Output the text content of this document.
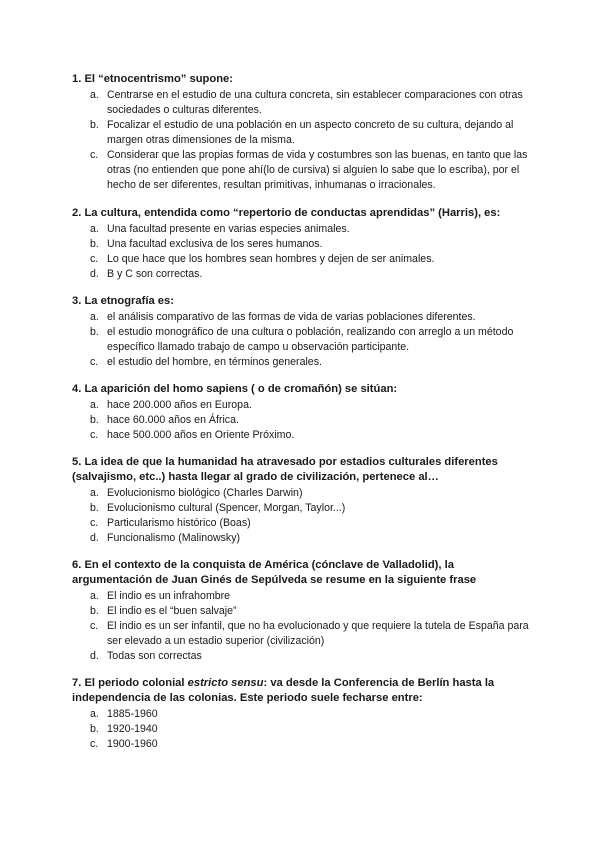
1. El “etnocentrismo” supone:
a. Centrarse en el estudio de una cultura concreta, sin establecer comparaciones con otras sociedades o culturas diferentes.
b. Focalizar el estudio de una población en un aspecto concreto de su cultura, dejando al margen otras dimensiones de la misma.
c. Considerar que las propias formas de vida y costumbres son las buenas, en tanto que las otras (no entienden que pone ahí(lo de cursiva) si alguien lo sabe que lo escriba), por el hecho de ser diferentes, resultan primitivas, inhumanas o irracionales.
2. La cultura, entendida como “repertorio de conductas aprendidas” (Harris), es:
a. Una facultad presente en varias especies animales.
b. Una facultad exclusiva de los seres humanos.
c. Lo que hace que los hombres sean hombres y dejen de ser animales.
d. B y C son correctas.
3. La etnografía es:
a. el análisis comparativo de las formas de vida de varias poblaciones diferentes.
b. el estudio monográfico de una cultura o población, realizando con arreglo a un método específico llamado trabajo de campo u observación participante.
c. el estudio del hombre, en términos generales.
4. La aparición del homo sapiens ( o de cromañón) se sitúan:
a. hace 200.000 años en Europa.
b. hace 60.000 años en África.
c. hace 500.000 años en Oriente Próximo.
5. La idea de que la humanidad ha atravesado por estadios culturales diferentes (salvajismo, etc..) hasta llegar al grado de civilización, pertenece al…
a. Evolucionismo biológico (Charles Darwin)
b. Evolucionismo cultural (Spencer, Morgan, Taylor...)
c. Particularismo histórico (Boas)
d. Funcionalismo (Malinowsky)
6. En el contexto de la conquista de América (cónclave de Valladolid), la argumentación de Juan Ginés de Sepúlveda se resume en la siguiente frase
a. El indio es un infrahombre
b. El indio es el “buen salvaje”
c. El indio es un ser infantil, que no ha evolucionado y que requiere la tutela de España para ser elevado a un estadio superior (civilización)
d. Todas son correctas
7. El periodo colonial estricto sensu: va desde la Conferencia de Berlín hasta la independencia de las colonias. Este periodo suele fecharse entre:
a. 1885-1960
b. 1920-1940
c. 1900-1960
